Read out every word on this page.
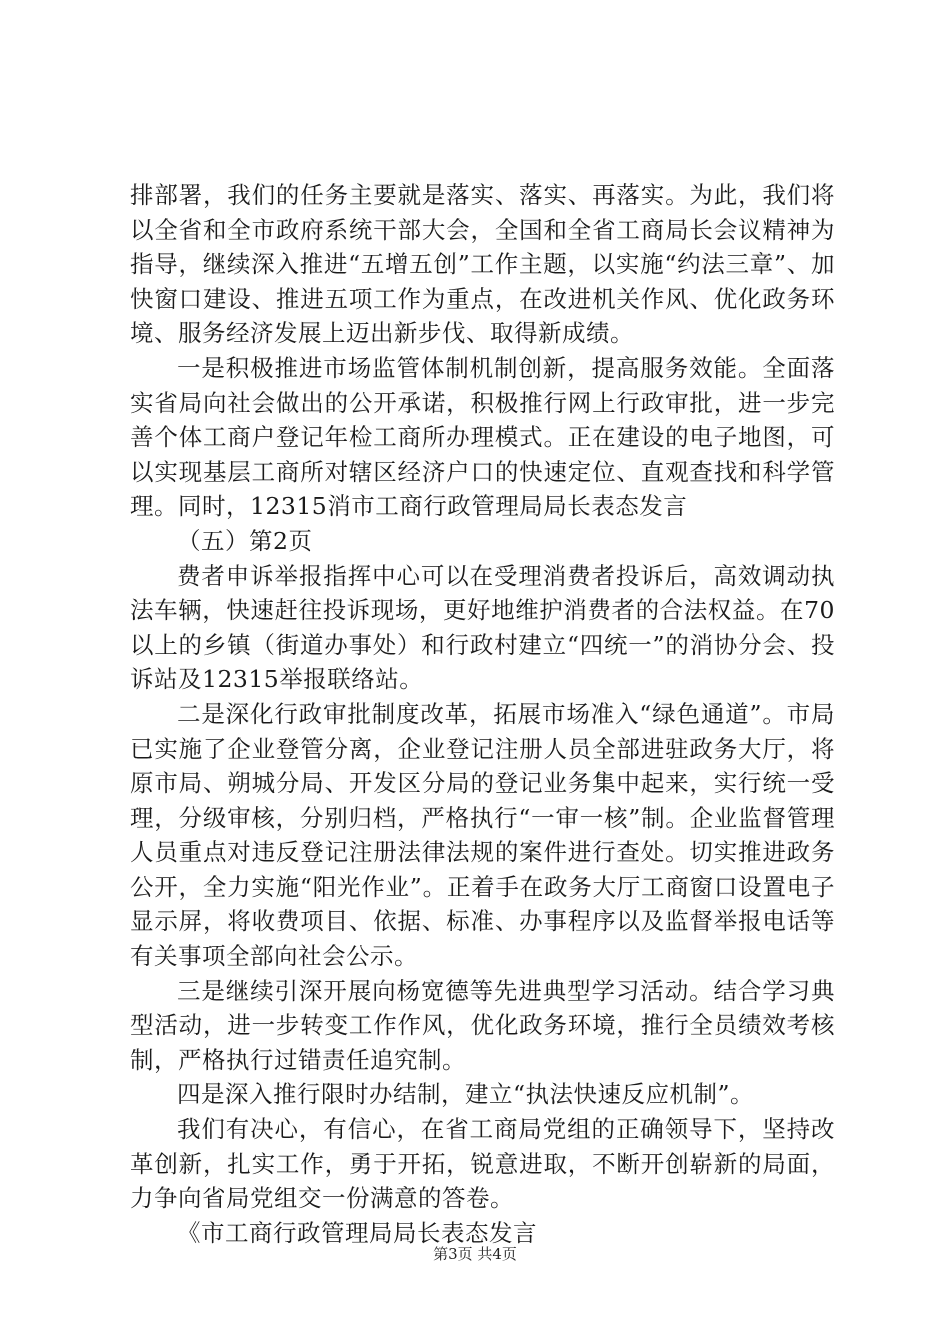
排部署，我们的任务主要就是落实、落实、再落实。为此，我们将以全省和全市政府系统干部大会，全国和全省工商局长会议精神为指导，继续深入推进“五增五创”工作主题，以实施“约法三章”、加快窗口建设、推进五项工作为重点，在改进机关作风、优化政务环境、服务经济发展上迈出新步伐、取得新成绩。

一是积极推进市场监管体制机制创新，提高服务效能。全面落实省局向社会做出的公开承诺，积极推行网上行政审批，进一步完善个体工商户登记年检工商所办理模式。正在建设的电子地图，可以实现基层工商所对辖区经济户口的快速定位、直观查找和科学管理。同时，12315消市工商行政管理局局长表态发言

（五）第2页

费者申诉举报指挥中心可以在受理消费者投诉后，高效调动执法车辆，快速赶往投诉现场，更好地维护消费者的合法权益。在70以上的乡镇（街道办事处）和行政村建立“四统一”的消协分会、投诉站及12315举报联络站。

二是深化行政审批制度改革，拓展市场准入“绿色通道”。市局已实施了企业登管分离，企业登记注册人员全部进驻政务大厅，将原市局、朔城分局、开发区分局的登记业务集中起来，实行统一受理，分级审核，分别归档，严格执行“一审一核”制。企业监督管理人员重点对违反登记注册法律法规的案件进行查处。切实推进政务公开，全力实施“阳光作业”。正着手在政务大厅工商窗口设置电子显示屏，将收费项目、依据、标准、办事程序以及监督举报电话等有关事项全部向社会公示。

三是继续引深开展向杨宽德等先进典型学习活动。结合学习典型活动，进一步转变工作作风，优化政务环境，推行全员绩效考核制，严格执行过错责任追究制。

四是深入推行限时办结制，建立“执法快速反应机制”。

我们有决心，有信心，在省工商局党组的正确领导下，坚持改革创新，扎实工作，勇于开拓，锐意进取，不断开创崭新的局面，力争向省局党组交一份满意的答卷。

《市工商行政管理局局长表态发言

第3页 共4页
